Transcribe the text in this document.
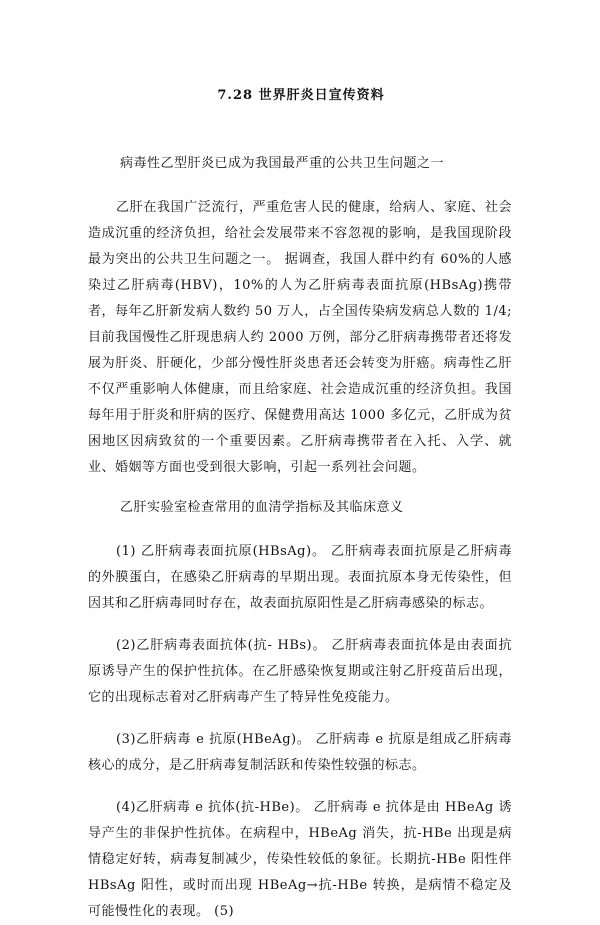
7.28 世界肝炎日宣传资料
病毒性乙型肝炎已成为我国最严重的公共卫生问题之一
乙肝在我国广泛流行，严重危害人民的健康，给病人、家庭、社会造成沉重的经济负担，给社会发展带来不容忽视的影响，是我国现阶段最为突出的公共卫生问题之一。 据调查，我国人群中约有 60%的人感染过乙肝病毒(HBV)，10%的人为乙肝病毒表面抗原(HBsAg)携带者，每年乙肝新发病人数约 50 万人，占全国传染病发病总人数的 1/4;目前我国慢性乙肝现患病人约 2000 万例，部分乙肝病毒携带者还将发展为肝炎、肝硬化，少部分慢性肝炎患者还会转变为肝癌。病毒性乙肝不仅严重影响人体健康，而且给家庭、社会造成沉重的经济负担。我国每年用于肝炎和肝病的医疗、保健费用高达 1000 多亿元，乙肝成为贫困地区因病致贫的一个重要因素。乙肝病毒携带者在入托、入学、就业、婚姻等方面也受到很大影响，引起一系列社会问题。
乙肝实验室检查常用的血清学指标及其临床意义
(1) 乙肝病毒表面抗原(HBsAg)。 乙肝病毒表面抗原是乙肝病毒的外膜蛋白，在感染乙肝病毒的早期出现。表面抗原本身无传染性，但因其和乙肝病毒同时存在，故表面抗原阳性是乙肝病毒感染的标志。
(2)乙肝病毒表面抗体(抗- HBs)。 乙肝病毒表面抗体是由表面抗原诱导产生的保护性抗体。在乙肝感染恢复期或注射乙肝疫苗后出现，它的出现标志着对乙肝病毒产生了特异性免疫能力。
(3)乙肝病毒 e 抗原(HBeAg)。 乙肝病毒 e 抗原是组成乙肝病毒核心的成分，是乙肝病毒复制活跃和传染性较强的标志。
(4)乙肝病毒 e 抗体(抗-HBe)。 乙肝病毒 e 抗体是由 HBeAg 诱导产生的非保护性抗体。在病程中，HBeAg 消失，抗-HBe 出现是病情稳定好转，病毒复制减少，传染性较低的象征。长期抗-HBe 阳性伴 HBsAg 阳性，或时而出现 HBeAg→抗-HBe 转换，是病情不稳定及可能慢性化的表现。 (5)
